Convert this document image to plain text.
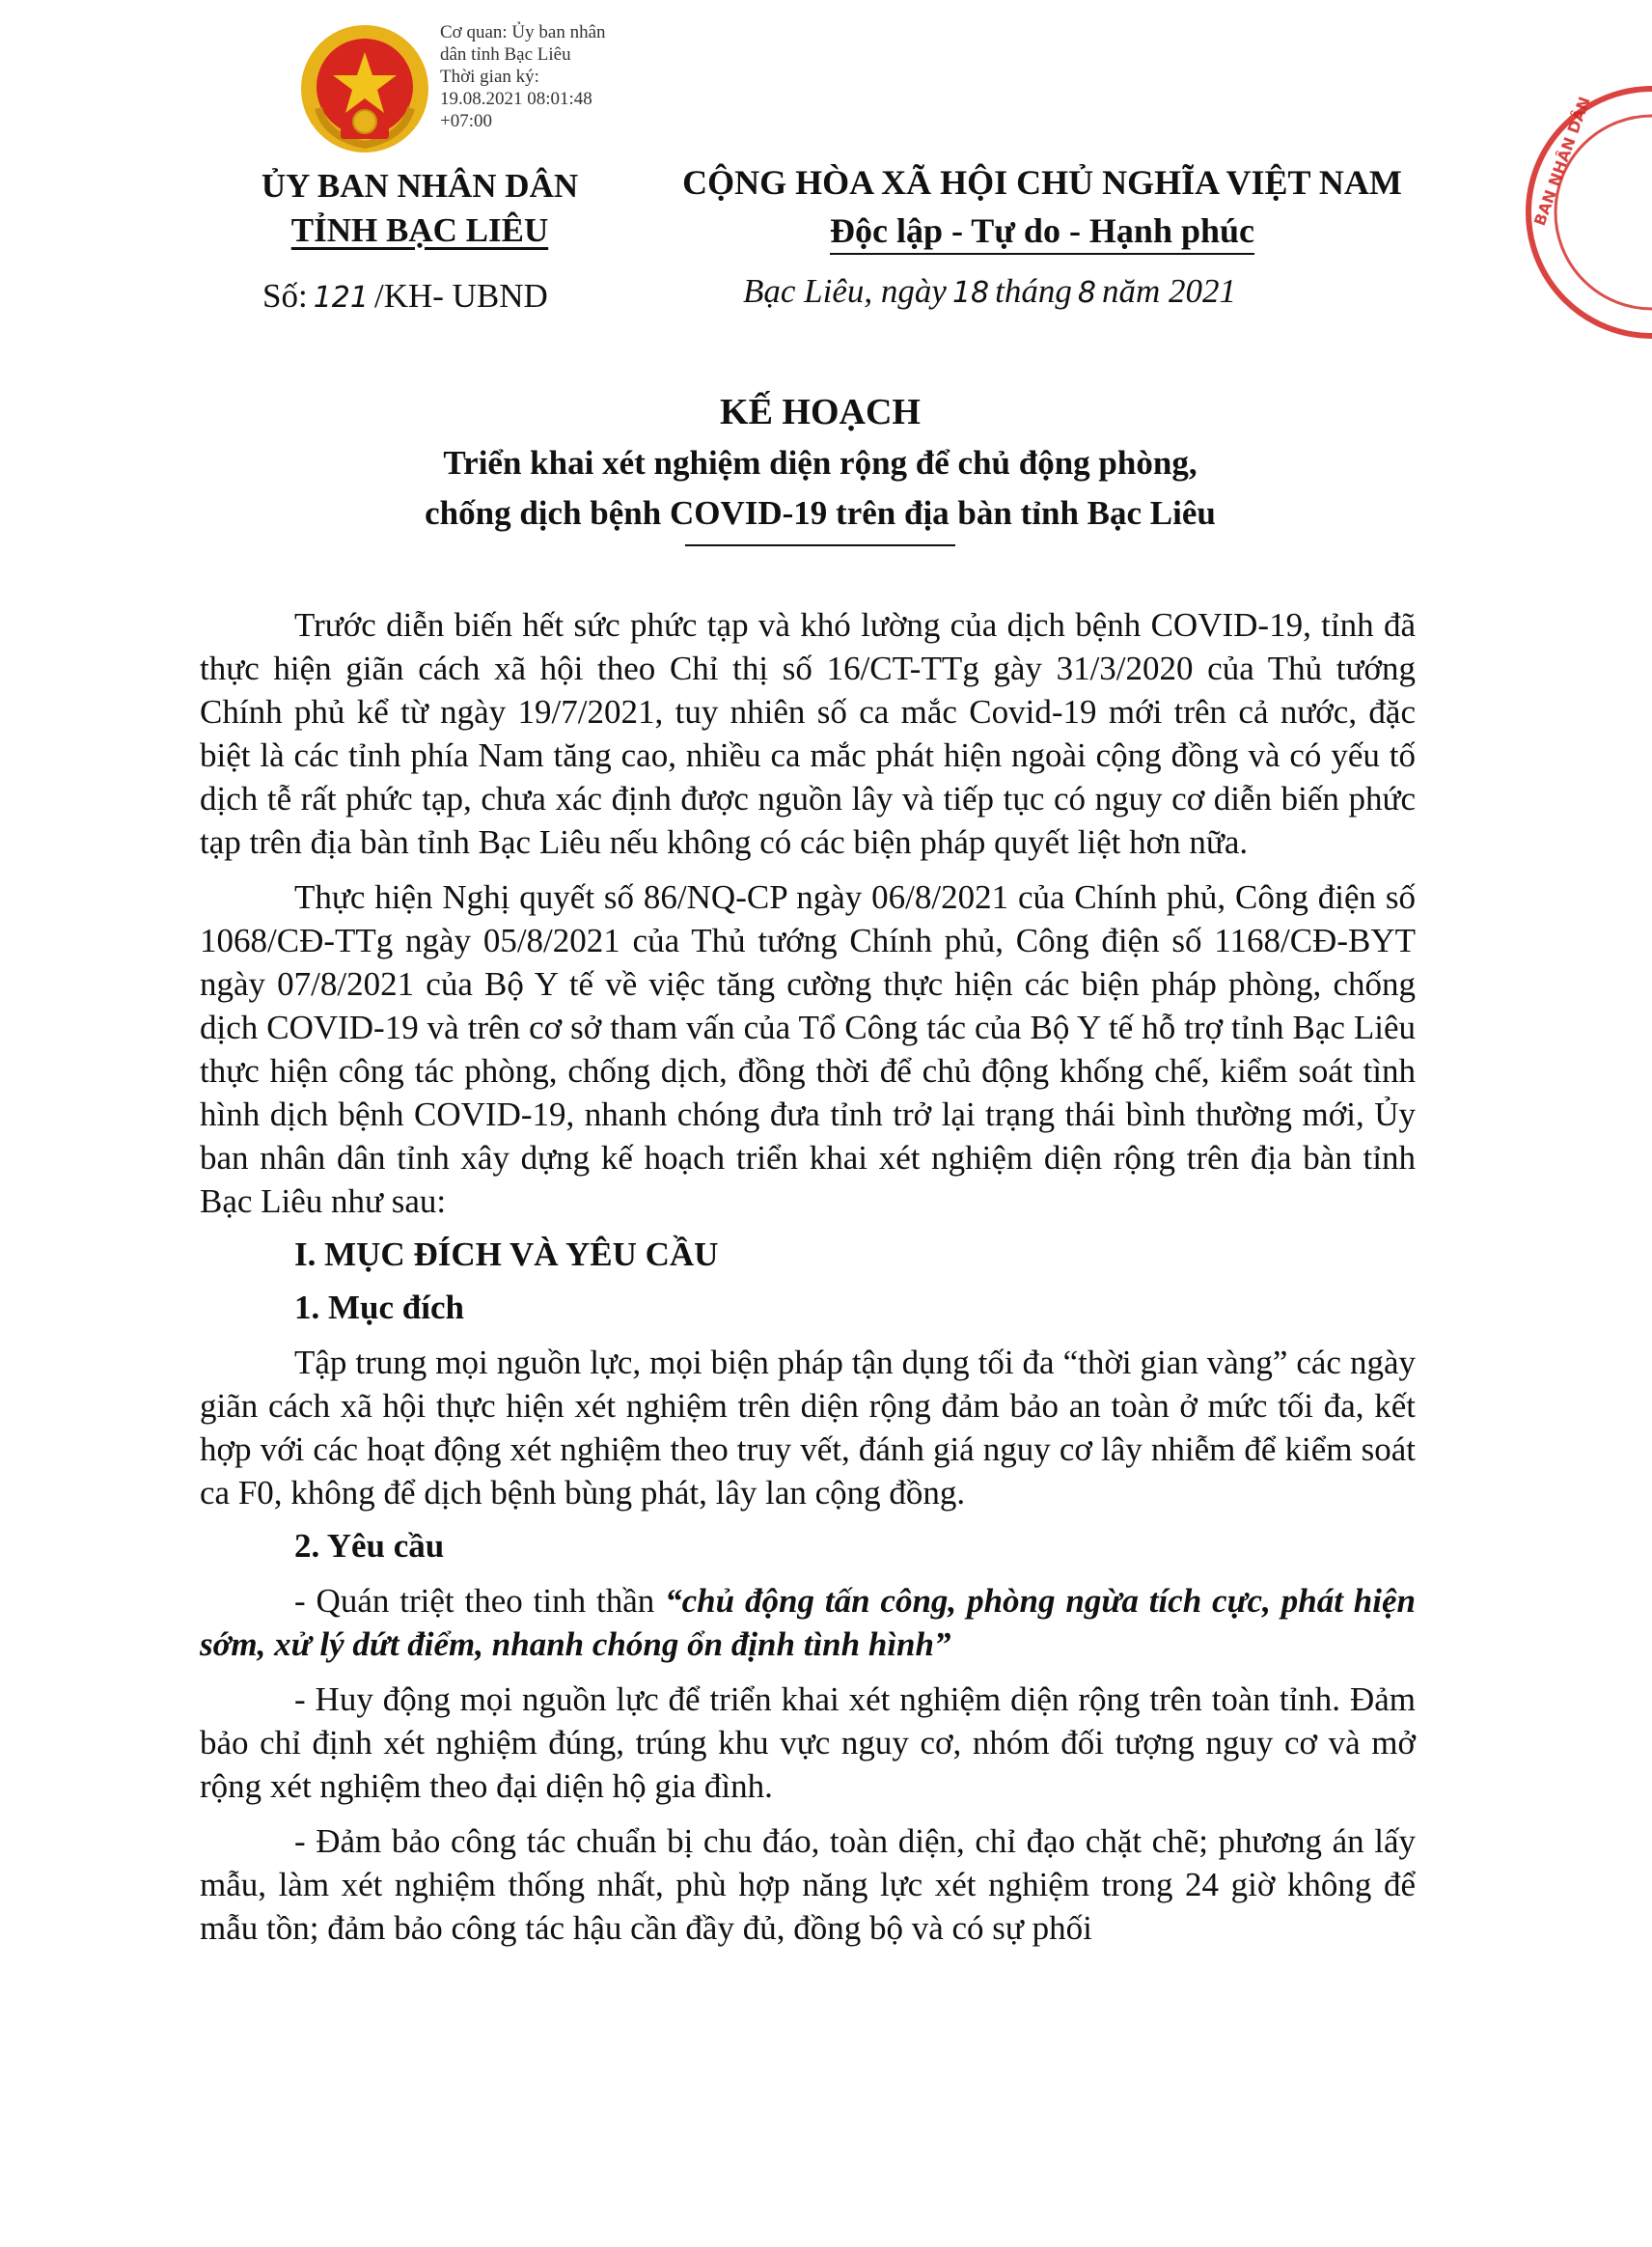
Cơ quan: Ủy ban nhân
dân tỉnh Bạc Liêu
Thời gian ký:
19.08.2021 08:01:48
+07:00	BAN NHÂN DÂN
ỦY BAN NHÂN DÂN
TỈNH BẠC LIÊU
CỘNG HÒA XÃ HỘI CHỦ NGHĨA VIỆT NAM
Độc lập - Tự do - Hạnh phúc
Số: 121 /KH- UBND	Bạc Liêu, ngày 18 tháng 8 năm 2021
KẾ HOẠCH
Triển khai xét nghiệm diện rộng để chủ động phòng,
chống dịch bệnh COVID-19 trên địa bàn tỉnh Bạc Liêu

Trước diễn biến hết sức phức tạp và khó lường của dịch bệnh COVID-19, tỉnh đã thực hiện giãn cách xã hội theo Chỉ thị số 16/CT-TTg gày 31/3/2020 của Thủ tướng Chính phủ kể từ ngày 19/7/2021, tuy nhiên số ca mắc Covid-19 mới trên cả nước, đặc biệt là các tỉnh phía Nam tăng cao, nhiều ca mắc phát hiện ngoài cộng đồng và có yếu tố dịch tễ rất phức tạp, chưa xác định được nguồn lây và tiếp tục có nguy cơ diễn biến phức tạp trên địa bàn tỉnh Bạc Liêu nếu không có các biện pháp quyết liệt hơn nữa.

Thực hiện Nghị quyết số 86/NQ-CP ngày 06/8/2021 của Chính phủ, Công điện số 1068/CĐ-TTg ngày 05/8/2021 của Thủ tướng Chính phủ, Công điện số 1168/CĐ-BYT ngày 07/8/2021 của Bộ Y tế về việc tăng cường thực hiện các biện pháp phòng, chống dịch COVID-19 và trên cơ sở tham vấn của Tổ Công tác của Bộ Y tế hỗ trợ tỉnh Bạc Liêu thực hiện công tác phòng, chống dịch, đồng thời để chủ động khống chế, kiểm soát tình hình dịch bệnh COVID-19, nhanh chóng đưa tỉnh trở lại trạng thái bình thường mới, Ủy ban nhân dân tỉnh xây dựng kế hoạch triển khai xét nghiệm diện rộng trên địa bàn tỉnh Bạc Liêu như sau:

I. MỤC ĐÍCH VÀ YÊU CẦU

1. Mục đích

Tập trung mọi nguồn lực, mọi biện pháp tận dụng tối đa “thời gian vàng” các ngày giãn cách xã hội thực hiện xét nghiệm trên diện rộng đảm bảo an toàn ở mức tối đa, kết hợp với các hoạt động xét nghiệm theo truy vết, đánh giá nguy cơ lây nhiễm để kiểm soát ca F0, không để dịch bệnh bùng phát, lây lan cộng đồng.

2. Yêu cầu

- Quán triệt theo tinh thần “chủ động tấn công, phòng ngừa tích cực, phát hiện sớm, xử lý dứt điểm, nhanh chóng ổn định tình hình”

- Huy động mọi nguồn lực để triển khai xét nghiệm diện rộng trên toàn tỉnh. Đảm bảo chỉ định xét nghiệm đúng, trúng khu vực nguy cơ, nhóm đối tượng nguy cơ và mở rộng xét nghiệm theo đại diện hộ gia đình.

- Đảm bảo công tác chuẩn bị chu đáo, toàn diện, chỉ đạo chặt chẽ; phương án lấy mẫu, làm xét nghiệm thống nhất, phù hợp năng lực xét nghiệm trong 24 giờ không để mẫu tồn; đảm bảo công tác hậu cần đầy đủ, đồng bộ và có sự phối
